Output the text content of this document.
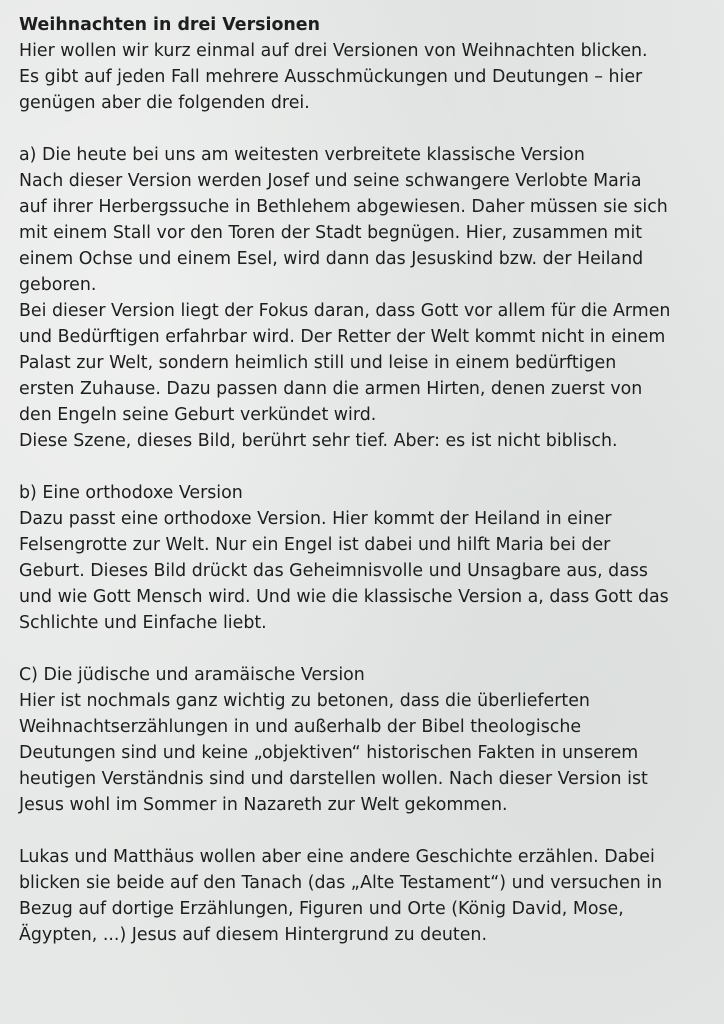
Weihnachten in drei Versionen
Hier wollen wir kurz einmal auf drei Versionen von Weihnachten blicken.
Es gibt auf jeden Fall mehrere Ausschmückungen und Deutungen – hier
genügen aber die folgenden drei.
a) Die heute bei uns am weitesten verbreitete klassische Version
Nach dieser Version werden Josef und seine schwangere Verlobte Maria
auf ihrer Herbergssuche in Bethlehem abgewiesen. Daher müssen sie sich
mit einem Stall vor den Toren der Stadt begnügen. Hier, zusammen mit
einem Ochse und einem Esel, wird dann das Jesuskind bzw. der Heiland
geboren.
Bei dieser Version liegt der Fokus daran, dass Gott vor allem für die Armen
und Bedürftigen erfahrbar wird. Der Retter der Welt kommt nicht in einem
Palast zur Welt, sondern heimlich still und leise in einem bedürftigen
ersten Zuhause. Dazu passen dann die armen Hirten, denen zuerst von
den Engeln seine Geburt verkündet wird.
Diese Szene, dieses Bild, berührt sehr tief. Aber: es ist nicht biblisch.
b) Eine orthodoxe Version
Dazu passt eine orthodoxe Version. Hier kommt der Heiland in einer
Felsengrotte zur Welt. Nur ein Engel ist dabei und hilft Maria bei der
Geburt. Dieses Bild drückt das Geheimnisvolle und Unsagbare aus, dass
und wie Gott Mensch wird. Und wie die klassische Version a, dass Gott das
Schlichte und Einfache liebt.
C) Die jüdische und aramäische Version
Hier ist nochmals ganz wichtig zu betonen, dass die überlieferten
Weihnachtserzählungen in und außerhalb der Bibel theologische
Deutungen sind und keine „objektiven“ historischen Fakten in unserem
heutigen Verständnis sind und darstellen wollen. Nach dieser Version ist
Jesus wohl im Sommer in Nazareth zur Welt gekommen.
Lukas und Matthäus wollen aber eine andere Geschichte erzählen. Dabei
blicken sie beide auf den Tanach (das „Alte Testament“) und versuchen in
Bezug auf dortige Erzählungen, Figuren und Orte (König David, Mose,
Ägypten, ...) Jesus auf diesem Hintergrund zu deuten.
